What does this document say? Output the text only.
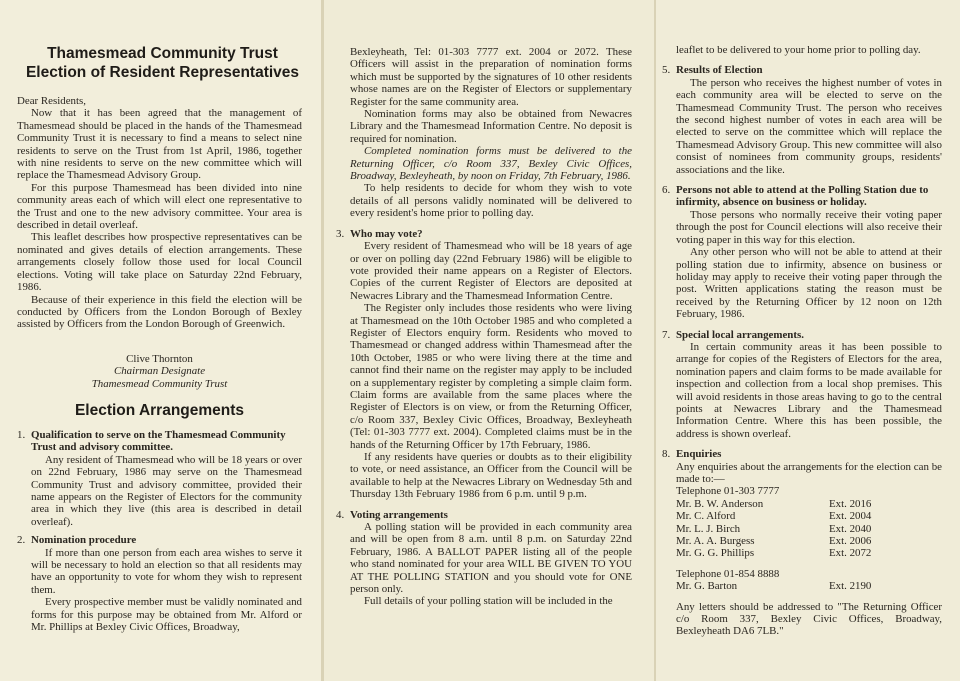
Thamesmead Community Trust
Election of Resident Representatives

Dear Residents,

Now that it has been agreed that the management of Thamesmead should be placed in the hands of the Thamesmead Community Trust it is necessary to find a means to select nine residents to serve on the Trust from 1st April, 1986, together with nine residents to serve on the new committee which will replace the Thamesmead Advisory Group.

For this purpose Thamesmead has been divided into nine community areas each of which will elect one representative to the Trust and one to the new advisory committee. Your area is described in detail overleaf.

This leaflet describes how prospective representatives can be nominated and gives details of election arrangements. These arrangements closely follow those used for local Council elections. Voting will take place on Saturday 22nd February, 1986.

Because of their experience in this field the election will be conducted by Officers from the London Borough of Bexley assisted by Officers from the London Borough of Greenwich.

Clive Thornton
Chairman Designate
Thamesmead Community Trust
Election Arrangements
1. Qualification to serve on the Thamesmead Community Trust and advisory committee.

Any resident of Thamesmead who will be 18 years or over on 22nd February, 1986 may serve on the Thamesmead Community Trust and advisory committee, provided their name appears on the Register of Electors for the community area in which they live (this area is described in detail overleaf).

2. Nomination procedure

If more than one person from each area wishes to serve it will be necessary to hold an election so that all residents may have an opportunity to vote for whom they wish to represent them.

Every prospective member must be validly nominated and forms for this purpose may be obtained from Mr. Alford or Mr. Phillips at Bexley Civic Offices, Broadway,

Bexleyheath, Tel: 01-303 7777 ext. 2004 or 2072. These Officers will assist in the preparation of nomination forms which must be supported by the signatures of 10 other residents whose names are on the Register of Electors or supplementary Register for the same community area.

Nomination forms may also be obtained from Newacres Library and the Thamesmead Information Centre. No deposit is required for nomination.

Completed nomination forms must be delivered to the Returning Officer, c/o Room 337, Bexley Civic Offices, Broadway, Bexleyheath, by noon on Friday, 7th February, 1986.

To help residents to decide for whom they wish to vote details of all persons validly nominated will be delivered to every resident's home prior to polling day.

3. Who may vote?

Every resident of Thamesmead who will be 18 years of age or over on polling day (22nd February 1986) will be eligible to vote provided their name appears on a Register of Electors. Copies of the current Register of Electors are deposited at Newacres Library and the Thamesmead Information Centre.

The Register only includes those residents who were living at Thamesmead on the 10th October 1985 and who completed a Register of Electors enquiry form. Residents who moved to Thamesmead or changed address within Thamesmead after the 10th October, 1985 or who were living there at the time and cannot find their name on the register may apply to be included on a supplementary register by completing a simple claim form. Claim forms are available from the same places where the Register of Electors is on view, or from the Returning Officer, c/o Room 337, Bexley Civic Offices, Broadway, Bexleyheath (Tel: 01-303 7777 ext. 2004). Completed claims must be in the hands of the Returning Officer by 17th February, 1986.

If any residents have queries or doubts as to their eligibility to vote, or need assistance, an Officer from the Council will be available to help at the Newacres Library on Wednesday 5th and Thursday 13th February 1986 from 6 p.m. until 9 p.m.

4. Voting arrangements

A polling station will be provided in each community area and will be open from 8 a.m. until 8 p.m. on Saturday 22nd February, 1986. A BALLOT PAPER listing all of the people who stand nominated for your area WILL BE GIVEN TO YOU AT THE POLLING STATION and you should vote for ONE person only.

Full details of your polling station will be included in the

leaflet to be delivered to your home prior to polling day.

5. Results of Election

The person who receives the highest number of votes in each community area will be elected to serve on the Thamesmead Community Trust. The person who receives the second highest number of votes in each area will be elected to serve on the committee which will replace the Thamesmead Advisory Group. This new committee will also consist of nominees from community groups, residents' associations and the like.

6. Persons not able to attend at the Polling Station due to infirmity, absence on business or holiday.

Those persons who normally receive their voting paper through the post for Council elections will also receive their voting paper in this way for this election.

Any other person who will not be able to attend at their polling station due to infirmity, absence on business or holiday may apply to receive their voting paper through the post. Written applications stating the reason must be received by the Returning Officer by 12 noon on 12th February, 1986.

7. Special local arrangements.

In certain community areas it has been possible to arrange for copies of the Registers of Electors for the area, nomination papers and claim forms to be made available for inspection and collection from a local shop premises. This will avoid residents in those areas having to go to the central points at Newacres Library and the Thamesmead Information Centre. Where this has been possible, the address is shown overleaf.

8. Enquiries

Any enquiries about the arrangements for the election can be made to:—

Telephone 01-303 7777
Mr. B. W. Anderson	Ext. 2016
Mr. C. Alford	Ext. 2004
Mr. L. J. Birch	Ext. 2040
Mr. A. A. Burgess	Ext. 2006
Mr. G. G. Phillips	Ext. 2072
Telephone 01-854 8888
Mr. G. Barton	Ext. 2190

Any letters should be addressed to "The Returning Officer c/o Room 337, Bexley Civic Offices, Broadway, Bexleyheath DA6 7LB."
